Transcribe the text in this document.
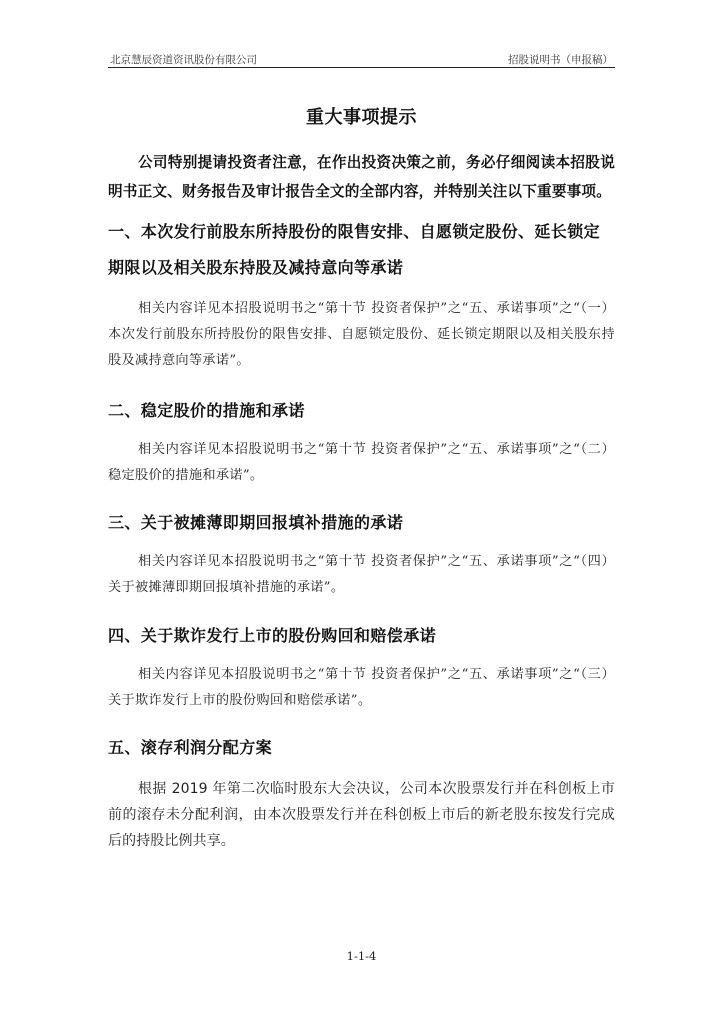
北京慧辰资道资讯股份有限公司	招股说明书（申报稿）
重大事项提示

公司特别提请投资者注意，在作出投资决策之前，务必仔细阅读本招股说明书正文、财务报告及审计报告全文的全部内容，并特别关注以下重要事项。

一、本次发行前股东所持股份的限售安排、自愿锁定股份、延长锁定期限以及相关股东持股及减持意向等承诺

相关内容详见本招股说明书之“第十节 投资者保护”之“五、承诺事项”之“（一）本次发行前股东所持股份的限售安排、自愿锁定股份、延长锁定期限以及相关股东持股及减持意向等承诺”。

二、稳定股价的措施和承诺

相关内容详见本招股说明书之“第十节 投资者保护”之“五、承诺事项”之“（二）稳定股价的措施和承诺”。

三、关于被摊薄即期回报填补措施的承诺

相关内容详见本招股说明书之“第十节 投资者保护”之“五、承诺事项”之“（四）关于被摊薄即期回报填补措施的承诺”。

四、关于欺诈发行上市的股份购回和赔偿承诺

相关内容详见本招股说明书之“第十节 投资者保护”之“五、承诺事项”之“（三）关于欺诈发行上市的股份购回和赔偿承诺”。

五、滚存利润分配方案

根据 2019 年第二次临时股东大会决议，公司本次股票发行并在科创板上市前的滚存未分配利润，由本次股票发行并在科创板上市后的新老股东按发行完成后的持股比例共享。

1-1-4
